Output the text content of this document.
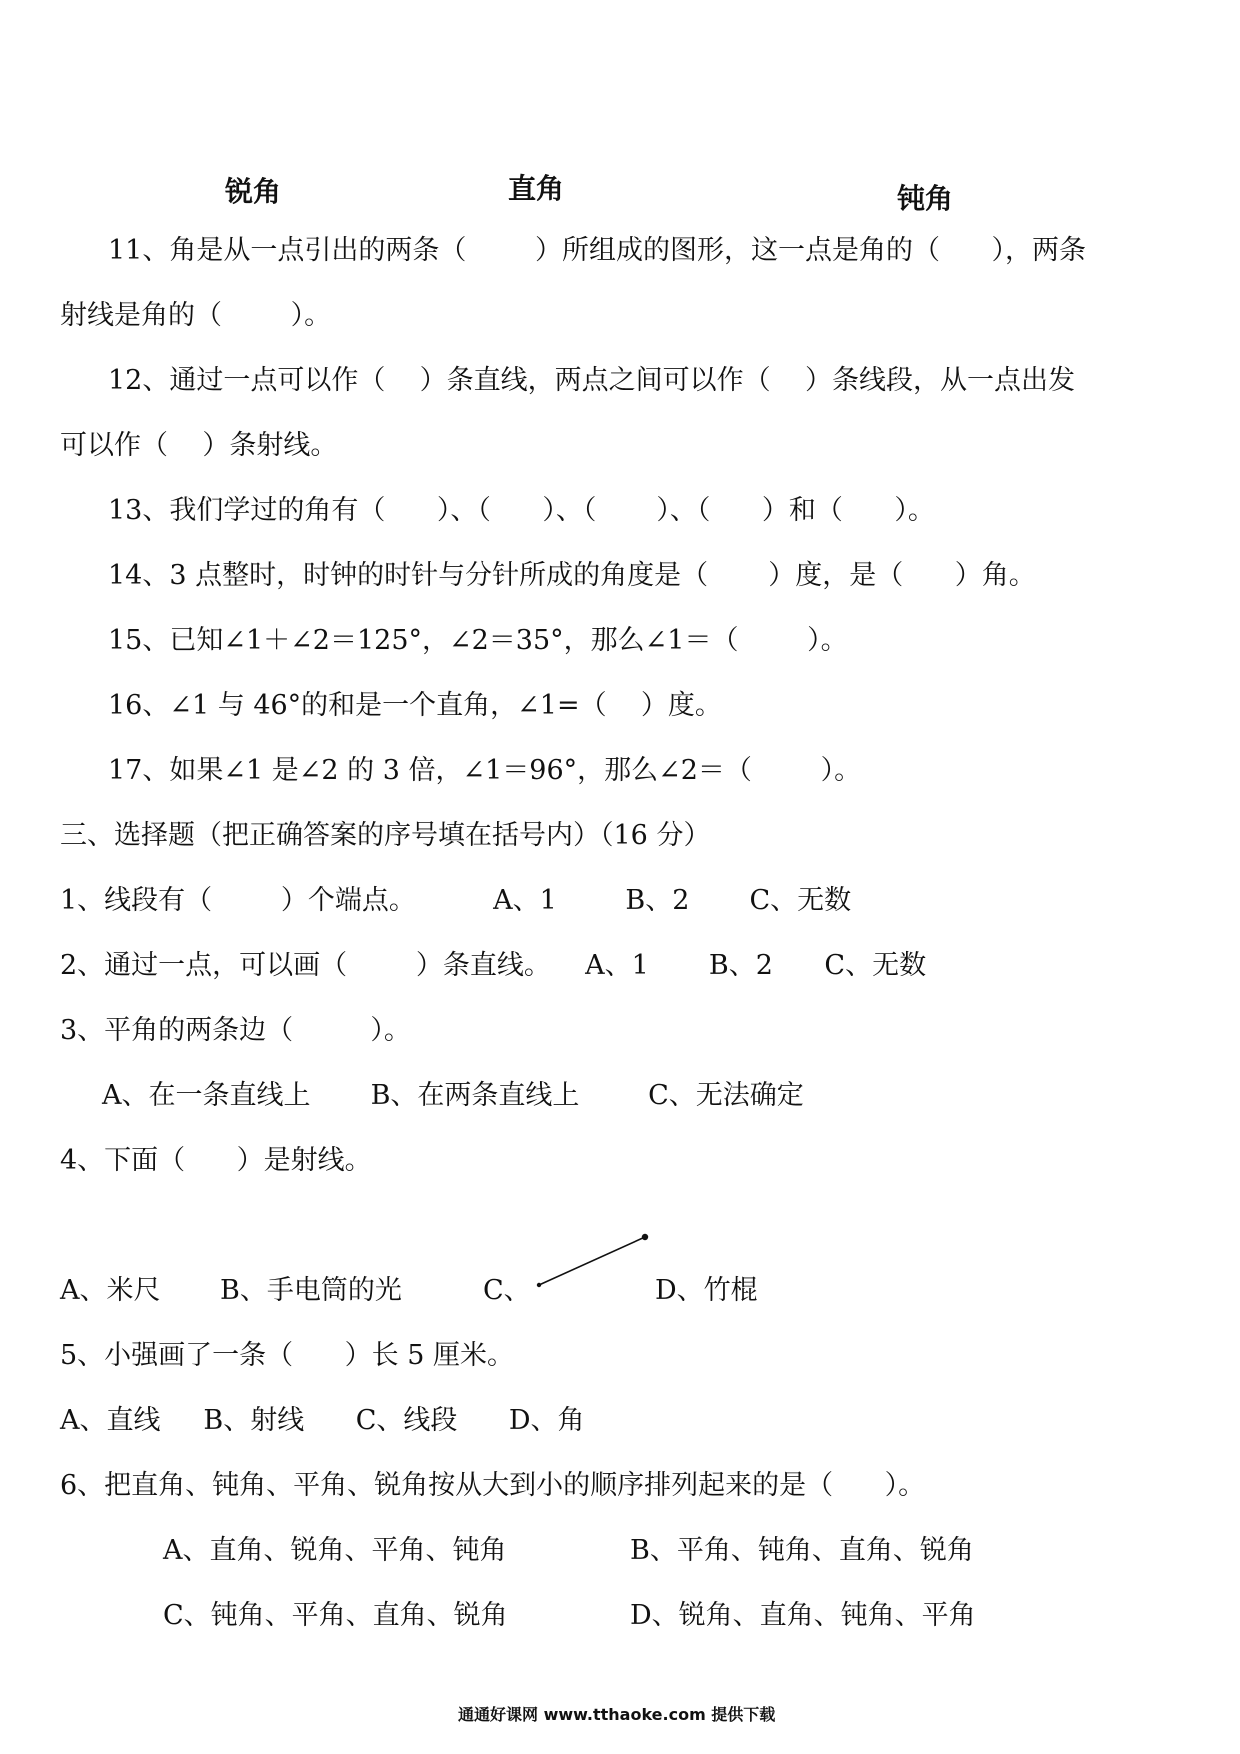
锐角	直角	钝角
11、角是从一点引出的两条（        ）所组成的图形，这一点是角的（      ），两条
射线是角的（        ）。
12、通过一点可以作（    ）条直线，两点之间可以作（    ）条线段，从一点出发
可以作（    ）条射线。
13、我们学过的角有（      ）、（      ）、（       ）、（      ）和（      ）。
14、3 点整时，时钟的时针与分针所成的角度是（       ）度，是（      ）角。
15、已知∠1＋∠2＝125°，∠2＝35°，那么∠1＝（        ）。
16、∠1 与 46°的和是一个直角，∠1=（    ）度。
17、如果∠1 是∠2 的 3 倍，∠1＝96°，那么∠2＝（        ）。
三、选择题（把正确答案的序号填在括号内）（16 分）
1、线段有（        ）个端点。         A、1        B、2       C、无数
2、通过一点，可以画（        ）条直线。    A、1       B、2      C、无数
3、平角的两条边（         ）。
A、在一条直线上       B、在两条直线上        C、无法确定
4、下面（      ）是射线。
A、米尺 B、手电筒的光	C、	D、竹棍
5、小强画了一条（      ）长 5 厘米。
A、直线     B、射线      C、线段      D、角
6、把直角、钝角、平角、锐角按从大到小的顺序排列起来的是（      ）。
A、直角、锐角、平角、钝角	B、平角、钝角、直角、锐角
C、钝角、平角、直角、锐角	D、锐角、直角、钝角、平角
通通好课网 www.tthaoke.com 提供下载
